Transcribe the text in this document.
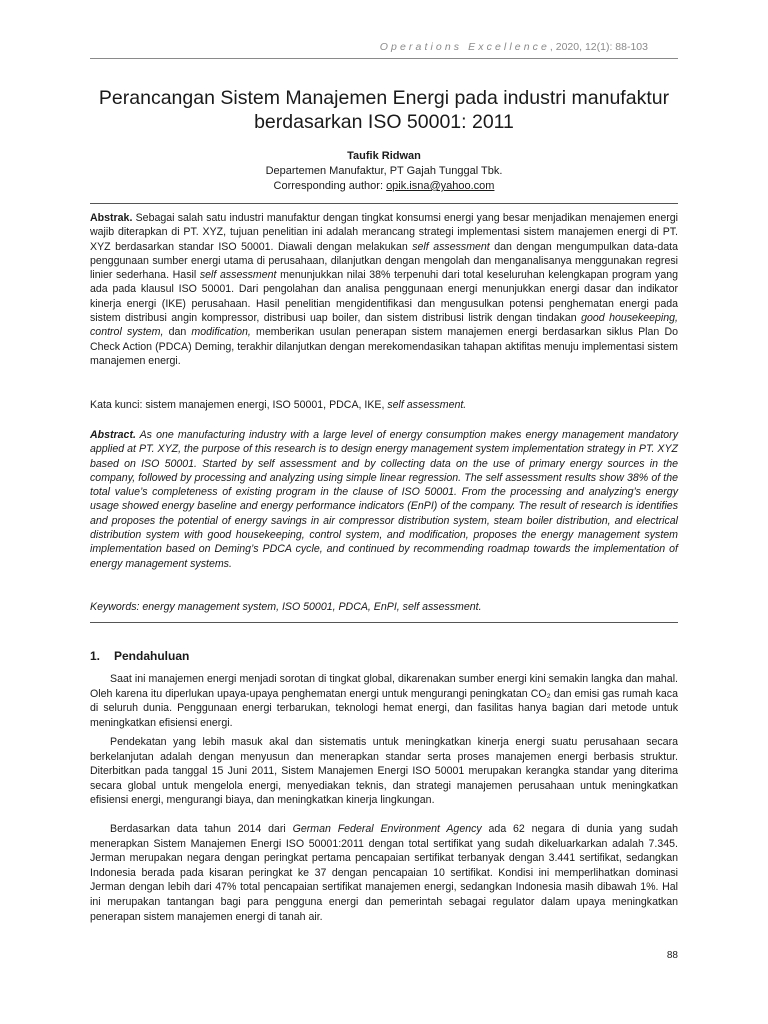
Operations Excellence, 2020, 12(1): 88-103
Perancangan Sistem Manajemen Energi pada industri manufaktur berdasarkan ISO 50001: 2011
Taufik Ridwan
Departemen Manufaktur, PT Gajah Tunggal Tbk.
Corresponding author: opik.isna@yahoo.com
Abstrak. Sebagai salah satu industri manufaktur dengan tingkat konsumsi energi yang besar menjadikan menajemen energi wajib diterapkan di PT. XYZ, tujuan penelitian ini adalah merancang strategi implementasi sistem manajemen energi di PT. XYZ berdasarkan standar ISO 50001. Diawali dengan melakukan self assessment dan dengan mengumpulkan data-data penggunaan sumber energi utama di perusahaan, dilanjutkan dengan mengolah dan menganalisanya menggunakan regresi linier sederhana. Hasil self assessment menunjukkan nilai 38% terpenuhi dari total keseluruhan kelengkapan program yang ada pada klausul ISO 50001. Dari pengolahan dan analisa penggunaan energi menunjukkan energi dasar dan indikator kinerja energi (IKE) perusahaan. Hasil penelitian mengidentifikasi dan mengusulkan potensi penghematan energi pada sistem distribusi angin kompressor, distribusi uap boiler, dan sistem distribusi listrik dengan tindakan good housekeeping, control system, dan modification, memberikan usulan penerapan sistem manajemen energi berdasarkan siklus Plan Do Check Action (PDCA) Deming, terakhir dilanjutkan dengan merekomendasikan tahapan aktifitas menuju implementasi sistem manajemen energi.
Kata kunci: sistem manajemen energi, ISO 50001, PDCA, IKE, self assessment.
Abstract. As one manufacturing industry with a large level of energy consumption makes energy management mandatory applied at PT. XYZ, the purpose of this research is to design energy management system implementation strategy in PT. XYZ based on ISO 50001. Started by self assessment and by collecting data on the use of primary energy sources in the company, followed by processing and analyzing using simple linear regression. The self assessment results show 38% of the total value’s completeness of existing program in the clause of ISO 50001. From the processing and analyzing’s energy usage showed energy baseline and energy performance indicators (EnPI) of the company. The result of research is identifies and proposes the potential of energy savings in air compressor distribution system, steam boiler distribution, and electrical distribution system with good housekeeping, control system, and modification, proposes the energy management system implementation based on Deming’s PDCA cycle, and continued by recommending roadmap towards the implementation of energy management systems.
Keywords: energy management system, ISO 50001, PDCA, EnPI, self assessment.
1. Pendahuluan
Saat ini manajemen energi menjadi sorotan di tingkat global, dikarenakan sumber energi kini semakin langka dan mahal. Oleh karena itu diperlukan upaya-upaya penghematan energi untuk mengurangi peningkatan CO₂ dan emisi gas rumah kaca di seluruh dunia. Penggunaan energi terbarukan, teknologi hemat energi, dan fasilitas hanya bagian dari metode untuk meningkatkan efisiensi energi.
Pendekatan yang lebih masuk akal dan sistematis untuk meningkatkan kinerja energi suatu perusahaan secara berkelanjutan adalah dengan menyusun dan menerapkan standar serta proses manajemen energi berbasis struktur. Diterbitkan pada tanggal 15 Juni 2011, Sistem Manajemen Energi ISO 50001 merupakan kerangka standar yang diterima secara global untuk mengelola energi, menyediakan teknis, dan strategi manajemen perusahaan untuk meningkatkan efisiensi energi, mengurangi biaya, dan meningkatkan kinerja lingkungan.
Berdasarkan data tahun 2014 dari German Federal Environment Agency ada 62 negara di dunia yang sudah menerapkan Sistem Manajemen Energi ISO 50001:2011 dengan total sertifikat yang sudah dikeluarkarkan adalah 7.345. Jerman merupakan negara dengan peringkat pertama pencapaian sertifikat terbanyak dengan 3.441 sertifikat, sedangkan Indonesia berada pada kisaran peringkat ke 37 dengan pencapaian 10 sertifikat. Kondisi ini memperlihatkan dominasi Jerman dengan lebih dari 47% total pencapaian sertifikat manajemen energi, sedangkan Indonesia masih dibawah 1%. Hal ini merupakan tantangan bagi para pengguna energi dan pemerintah sebagai regulator dalam upaya meningkatkan penerapan sistem manajemen energi di tanah air.
88
